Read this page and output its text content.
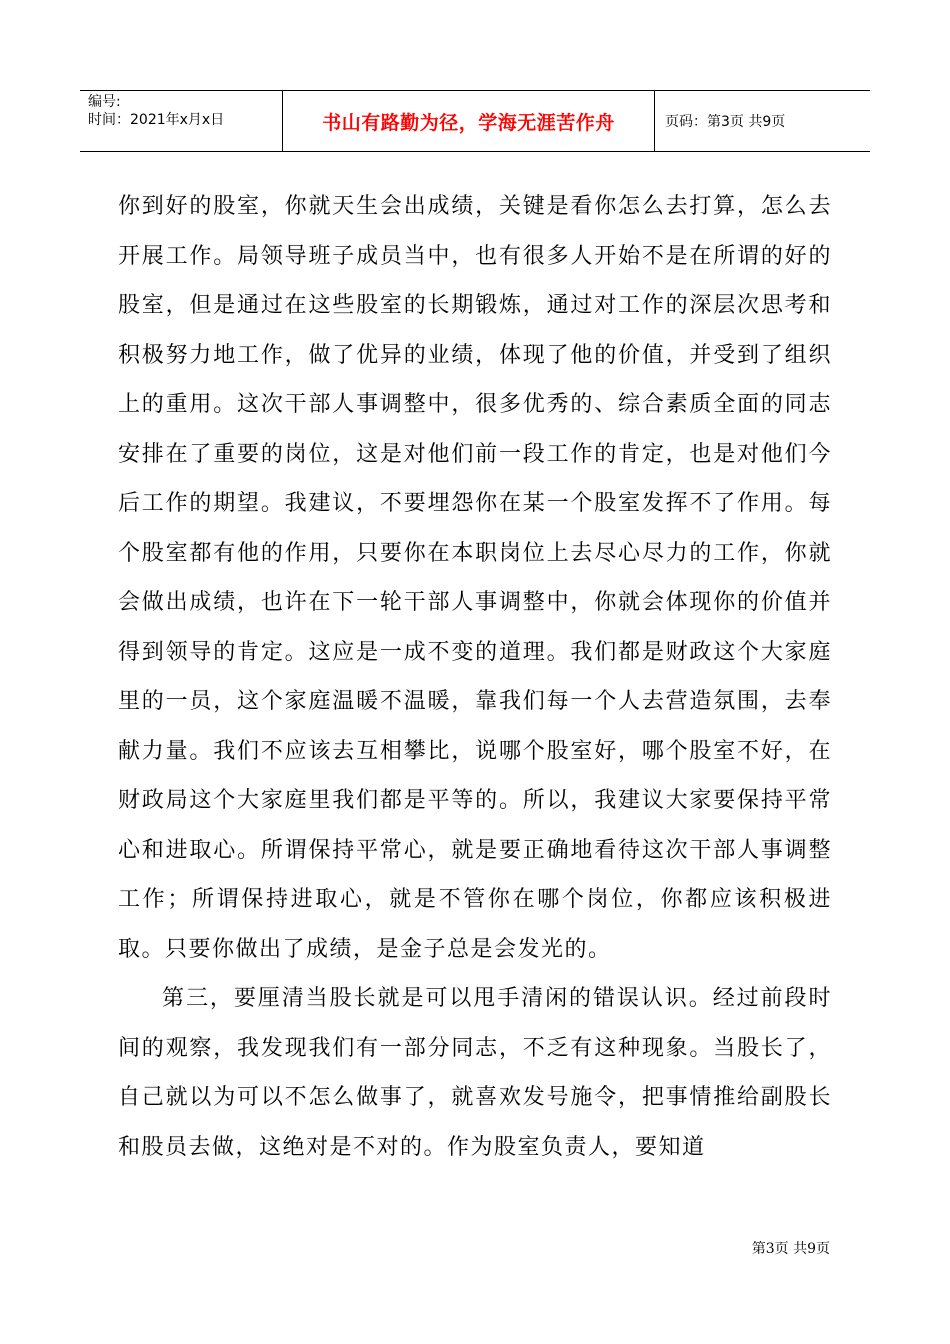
编号:
时间：2021年x月x日	书山有路勤为径，学海无涯苦作舟	页码：第3页 共9页

你到好的股室，你就天生会出成绩，关键是看你怎么去打算，怎么去开展工作。局领导班子成员当中，也有很多人开始不是在所谓的好的股室，但是通过在这些股室的长期锻炼，通过对工作的深层次思考和积极努力地工作，做了优异的业绩，体现了他的价值，并受到了组织上的重用。这次干部人事调整中，很多优秀的、综合素质全面的同志安排在了重要的岗位，这是对他们前一段工作的肯定，也是对他们今后工作的期望。我建议，不要埋怨你在某一个股室发挥不了作用。每个股室都有他的作用，只要你在本职岗位上去尽心尽力的工作，你就会做出成绩，也许在下一轮干部人事调整中，你就会体现你的价值并得到领导的肯定。这应是一成不变的道理。我们都是财政这个大家庭里的一员，这个家庭温暖不温暖，靠我们每一个人去营造氛围，去奉献力量。我们不应该去互相攀比，说哪个股室好，哪个股室不好，在财政局这个大家庭里我们都是平等的。所以，我建议大家要保持平常心和进取心。所谓保持平常心，就是要正确地看待这次干部人事调整工作；所谓保持进取心，就是不管你在哪个岗位，你都应该积极进取。只要你做出了成绩，是金子总是会发光的。

第三，要厘清当股长就是可以甩手清闲的错误认识。经过前段时间的观察，我发现我们有一部分同志，不乏有这种现象。当股长了，自己就以为可以不怎么做事了，就喜欢发号施令，把事情推给副股长和股员去做，这绝对是不对的。作为股室负责人，要知道

第3页 共9页
